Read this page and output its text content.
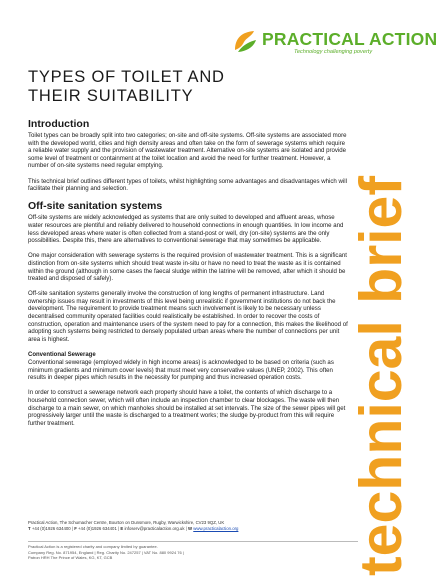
PRACTICAL ACTION
Technology challenging poverty
TYPES OF TOILET AND
THEIR SUITABILITY
Introduction

Toilet types can be broadly split into two categories; on-site and off-site systems. Off-site systems are associated more with the developed world, cities and high density areas and often take on the form of sewerage systems which require a reliable water supply and the provision of wastewater treatment. Alternative on-site systems are isolated and provide some level of treatment or containment at the toilet location and avoid the need for further treatment. However, a number of on-site systems need regular emptying.

This technical brief outlines different types of toilets, whilst highlighting some advantages and disadvantages which will facilitate their planning and selection.

Off-site sanitation systems

Off-site systems are widely acknowledged as systems that are only suited to developed and affluent areas, whose water resources are plentiful and reliably delivered to household connections in enough quantities. In low income and less developed areas where water is often collected from a stand-post or well, dry (on-site) systems are the only possibilities. Despite this, there are alternatives to conventional sewerage that may sometimes be applicable.

One major consideration with sewerage systems is the required provision of wastewater treatment. This is a significant distinction from on-site systems which should treat waste in-situ or have no need to treat the waste as it is contained within the ground (although in some cases the faecal sludge within the latrine will be removed, after which it should be treated and disposed of safely).

Off-site sanitation systems generally involve the construction of long lengths of permanent infrastructure. Land ownership issues may result in investments of this level being unrealistic if government institutions do not back the development. The requirement to provide treatment means such involvement is likely to be necessary unless decentralised community operated facilities could realistically be established. In order to recover the costs of construction, operation and maintenance users of the system need to pay for a connection, this makes the likelihood of adopting such systems being restricted to densely populated urban areas where the number of connections per unit area is highest.

Conventional Sewerage

Conventional sewerage (employed widely in high income areas) is acknowledged to be based on criteria (such as minimum gradients and minimum cover levels) that must meet very conservative values (UNEP, 2002). This often results in deeper pipes which results in the necessity for pumping and thus increased operation costs.

In order to construct a sewerage network each property should have a toilet, the contents of which discharge to a household connection sewer, which will often include an inspection chamber to clear blockages. The waste will then discharge to a main sewer, on which manholes should be installed at set intervals. The size of the sewer pipes will get progressively larger until the waste is discharged to a treatment works; the sludge by-product from this will require further treatment.	technical brief
Practical Action, The Schumacher Centre, Bourton on Dunsmore, Rugby, Warwickshire, CV23 9QZ, UK
T +44 (0)1926 634400 | F +44 (0)1926 634401 | E infoserv@practicalaction.org.uk | W www.practicalaction.org
Practical Action is a registered charity and company limited by guarantee.
Company Reg. No. 871954, England | Reg. Charity No. 247257 | VAT No. 880 9924 76 |
Patron HRH The Prince of Wales, KG, KT, GCB
